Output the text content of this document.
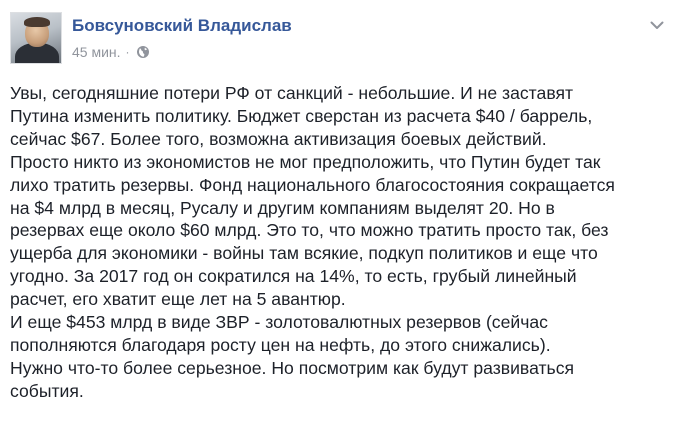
Бовсуновский Владислав
45 мин. ·

Увы, сегодняшние потери РФ от санкций - небольшие. И не заставят

Путина изменить политику. Бюджет сверстан из расчета $40 / баррель,

сейчас $67. Более того, возможна активизация боевых действий.

Просто никто из экономистов не мог предположить, что Путин будет так

лихо тратить резервы. Фонд национального благосостояния сокращается

на $4 млрд в месяц, Русалу и другим компаниям выделят 20. Но в

резервах еще около $60 млрд. Это то, что можно тратить просто так, без

ущерба для экономики - войны там всякие, подкуп политиков и еще что

угодно. За 2017 год он сократился на 14%, то есть, грубый линейный

расчет, его хватит еще лет на 5 авантюр.

И еще $453 млрд в виде ЗВР - золотовалютных резервов (сейчас

пополняются благодаря росту цен на нефть, до этого снижались).

Нужно что-то более серьезное. Но посмотрим как будут развиваться

события.
